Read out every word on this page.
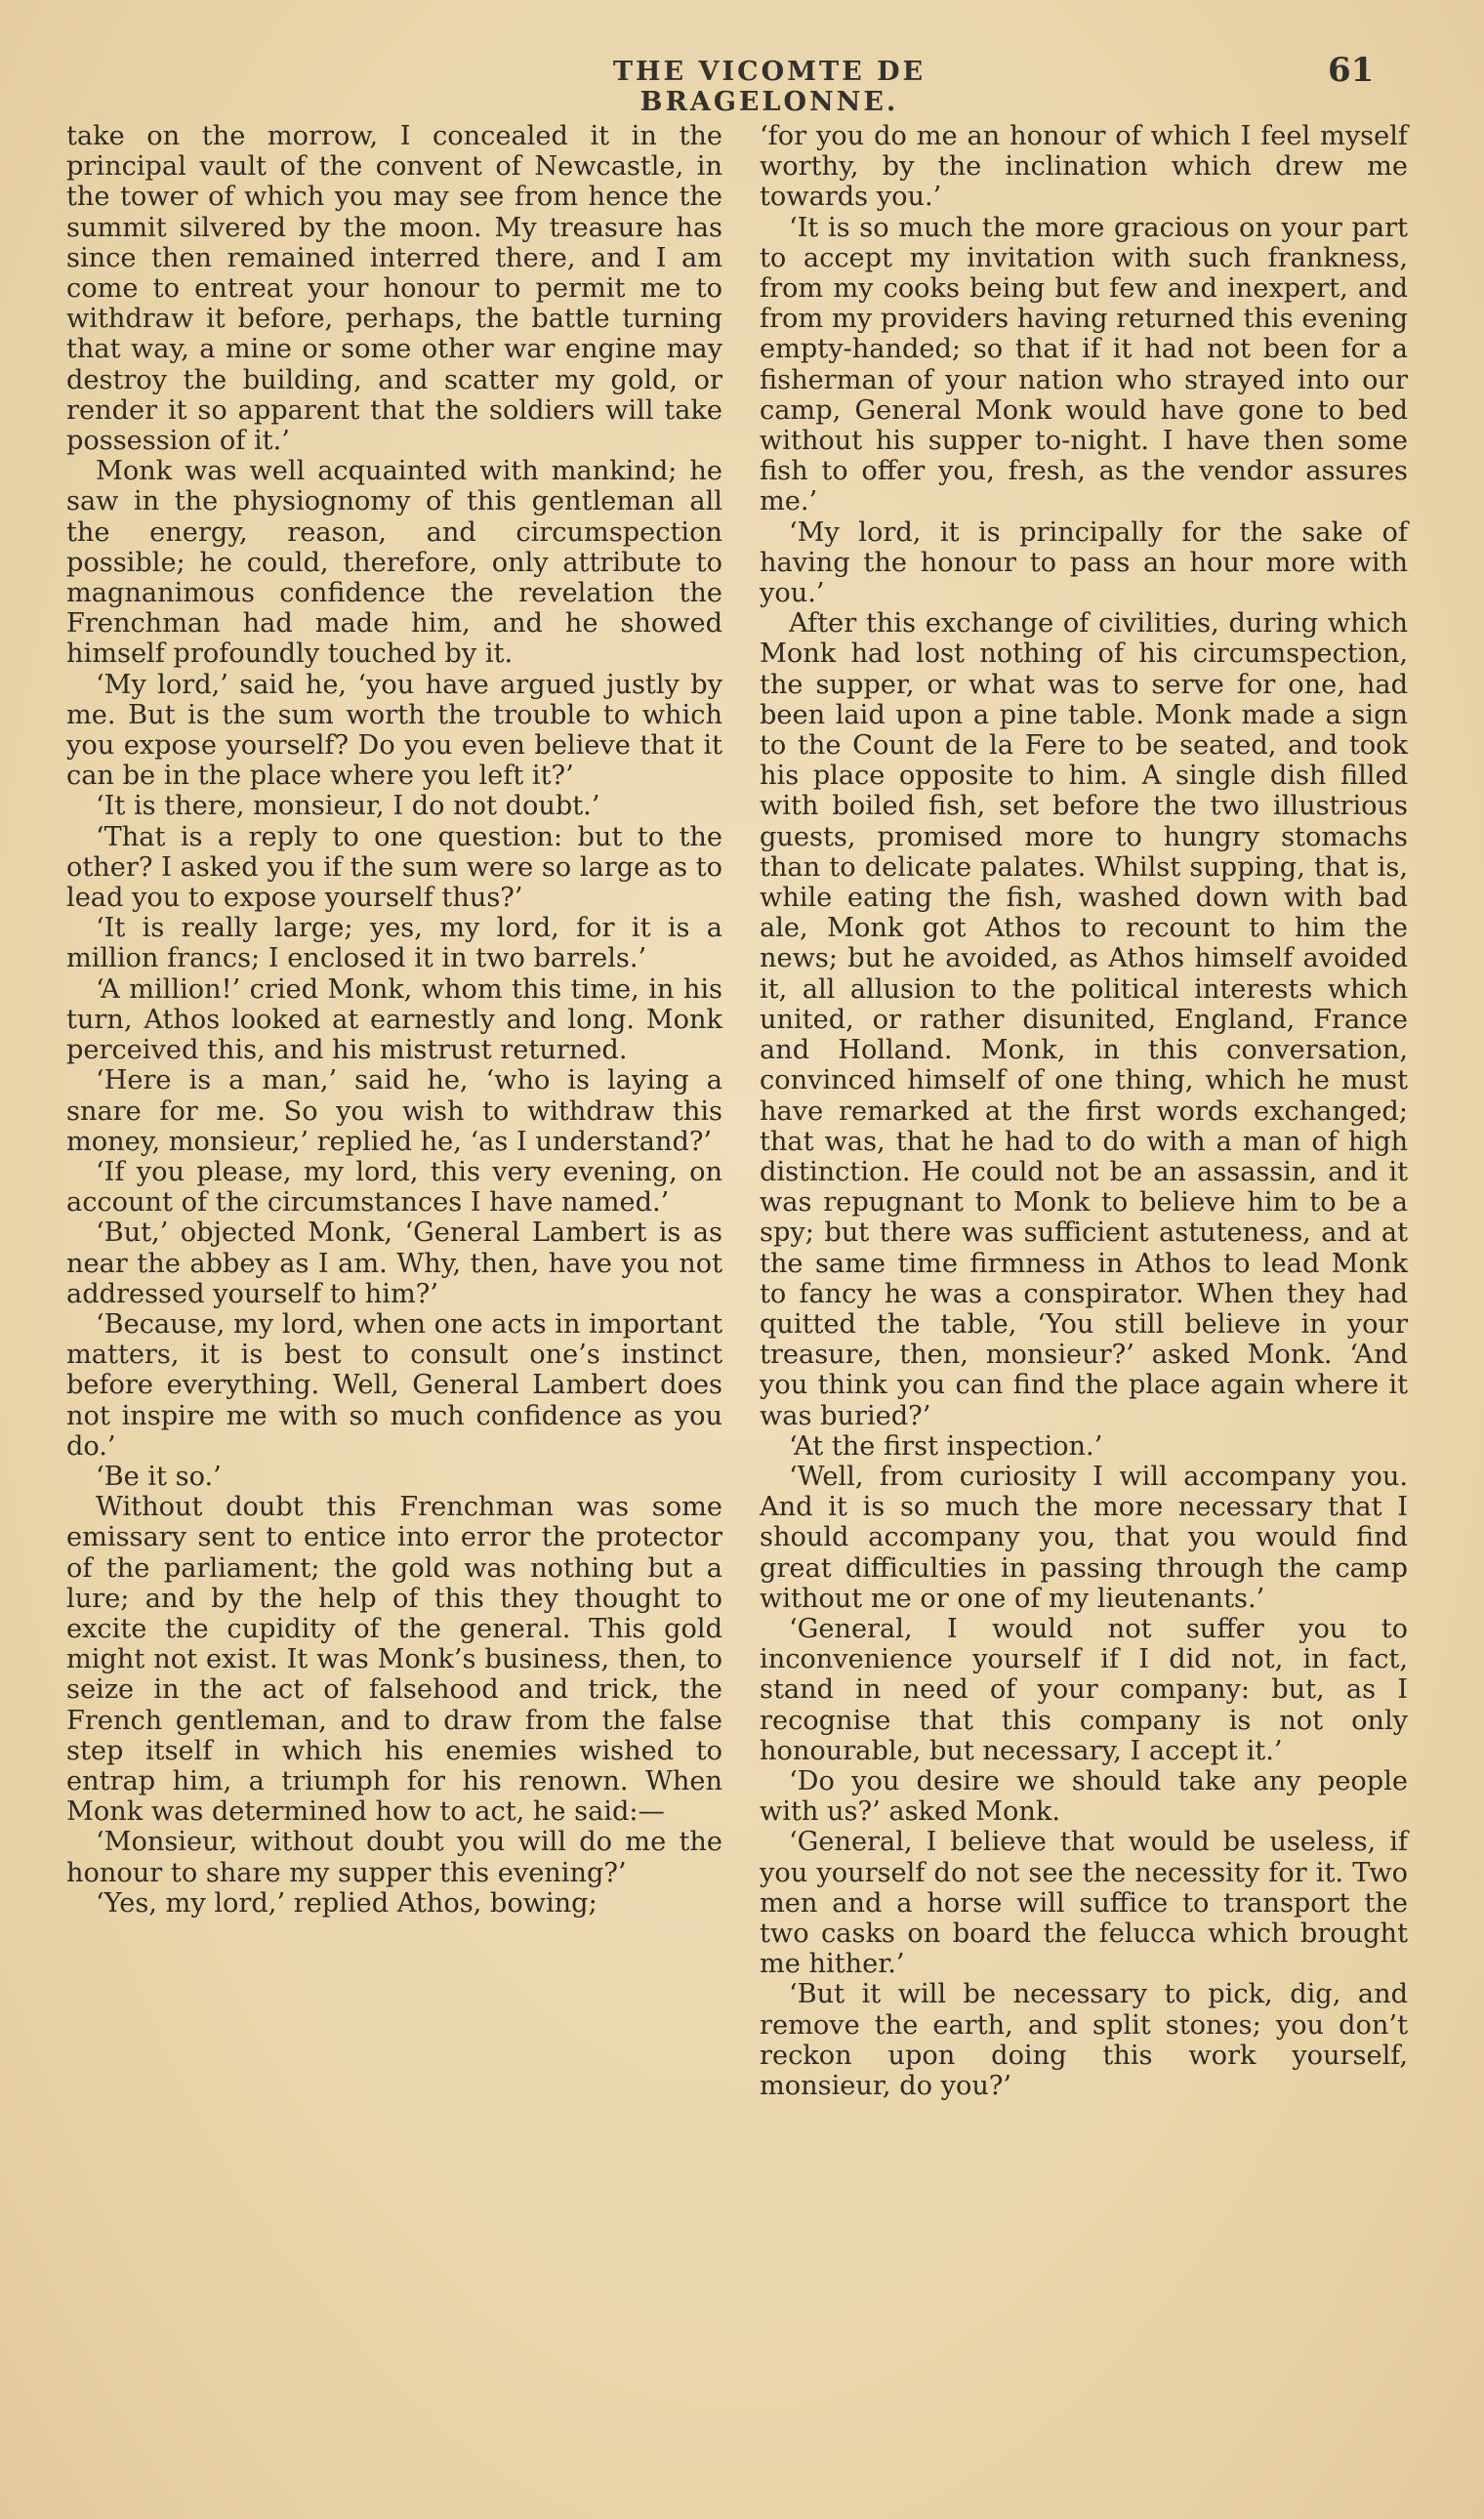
THE VICOMTE DE BRAGELONNE.
61

take on the morrow, I concealed it in the principal vault of the convent of Newcastle, in the tower of which you may see from hence the summit silvered by the moon. My treasure has since then remained interred there, and I am come to entreat your honour to permit me to withdraw it before, perhaps, the battle turning that way, a mine or some other war engine may destroy the building, and scatter my gold, or render it so apparent that the soldiers will take possession of it.’

Monk was well acquainted with mankind; he saw in the physiognomy of this gentleman all the energy, reason, and circumspection possible; he could, therefore, only attribute to magnanimous confidence the revelation the Frenchman had made him, and he showed himself profoundly touched by it.

‘My lord,’ said he, ‘you have argued justly by me. But is the sum worth the trouble to which you expose yourself? Do you even believe that it can be in the place where you left it?’

‘It is there, monsieur, I do not doubt.’

‘That is a reply to one question: but to the other? I asked you if the sum were so large as to lead you to expose yourself thus?’

‘It is really large; yes, my lord, for it is a million francs; I enclosed it in two barrels.’

‘A million!’ cried Monk, whom this time, in his turn, Athos looked at earnestly and long. Monk perceived this, and his mistrust returned.

‘Here is a man,’ said he, ‘who is laying a snare for me. So you wish to withdraw this money, monsieur,’ replied he, ‘as I understand?’

‘If you please, my lord, this very evening, on account of the circumstances I have named.’

‘But,’ objected Monk, ‘General Lambert is as near the abbey as I am. Why, then, have you not addressed yourself to him?’

‘Because, my lord, when one acts in important matters, it is best to consult one’s instinct before everything. Well, General Lambert does not inspire me with so much confidence as you do.’

‘Be it so.’

Without doubt this Frenchman was some emissary sent to entice into error the protector of the parliament; the gold was nothing but a lure; and by the help of this they thought to excite the cupidity of the general. This gold might not exist. It was Monk’s business, then, to seize in the act of falsehood and trick, the French gentleman, and to draw from the false step itself in which his enemies wished to entrap him, a triumph for his renown. When Monk was determined how to act, he said:—

‘Monsieur, without doubt you will do me the honour to share my supper this evening?’

‘Yes, my lord,’ replied Athos, bowing;

‘for you do me an honour of which I feel myself worthy, by the inclination which drew me towards you.’

‘It is so much the more gracious on your part to accept my invitation with such frankness, from my cooks being but few and inexpert, and from my providers having returned this evening empty-handed; so that if it had not been for a fisherman of your nation who strayed into our camp, General Monk would have gone to bed without his supper to-night. I have then some fish to offer you, fresh, as the vendor assures me.’

‘My lord, it is principally for the sake of having the honour to pass an hour more with you.’

After this exchange of civilities, during which Monk had lost nothing of his circumspection, the supper, or what was to serve for one, had been laid upon a pine table. Monk made a sign to the Count de la Fere to be seated, and took his place opposite to him. A single dish filled with boiled fish, set before the two illustrious guests, promised more to hungry stomachs than to delicate palates. Whilst supping, that is, while eating the fish, washed down with bad ale, Monk got Athos to recount to him the news; but he avoided, as Athos himself avoided it, all allusion to the political interests which united, or rather disunited, England, France and Holland. Monk, in this conversation, convinced himself of one thing, which he must have remarked at the first words exchanged; that was, that he had to do with a man of high distinction. He could not be an assassin, and it was repugnant to Monk to believe him to be a spy; but there was sufficient astuteness, and at the same time firmness in Athos to lead Monk to fancy he was a conspirator. When they had quitted the table, ‘You still believe in your treasure, then, monsieur?’ asked Monk. ‘And you think you can find the place again where it was buried?’

‘At the first inspection.’

‘Well, from curiosity I will accompany you. And it is so much the more necessary that I should accompany you, that you would find great difficulties in passing through the camp without me or one of my lieutenants.’

‘General, I would not suffer you to inconvenience yourself if I did not, in fact, stand in need of your company: but, as I recognise that this company is not only honourable, but necessary, I accept it.’

‘Do you desire we should take any people with us?’ asked Monk.

‘General, I believe that would be useless, if you yourself do not see the necessity for it. Two men and a horse will suffice to transport the two casks on board the felucca which brought me hither.’

‘But it will be necessary to pick, dig, and remove the earth, and split stones; you don’t reckon upon doing this work yourself, monsieur, do you?’
